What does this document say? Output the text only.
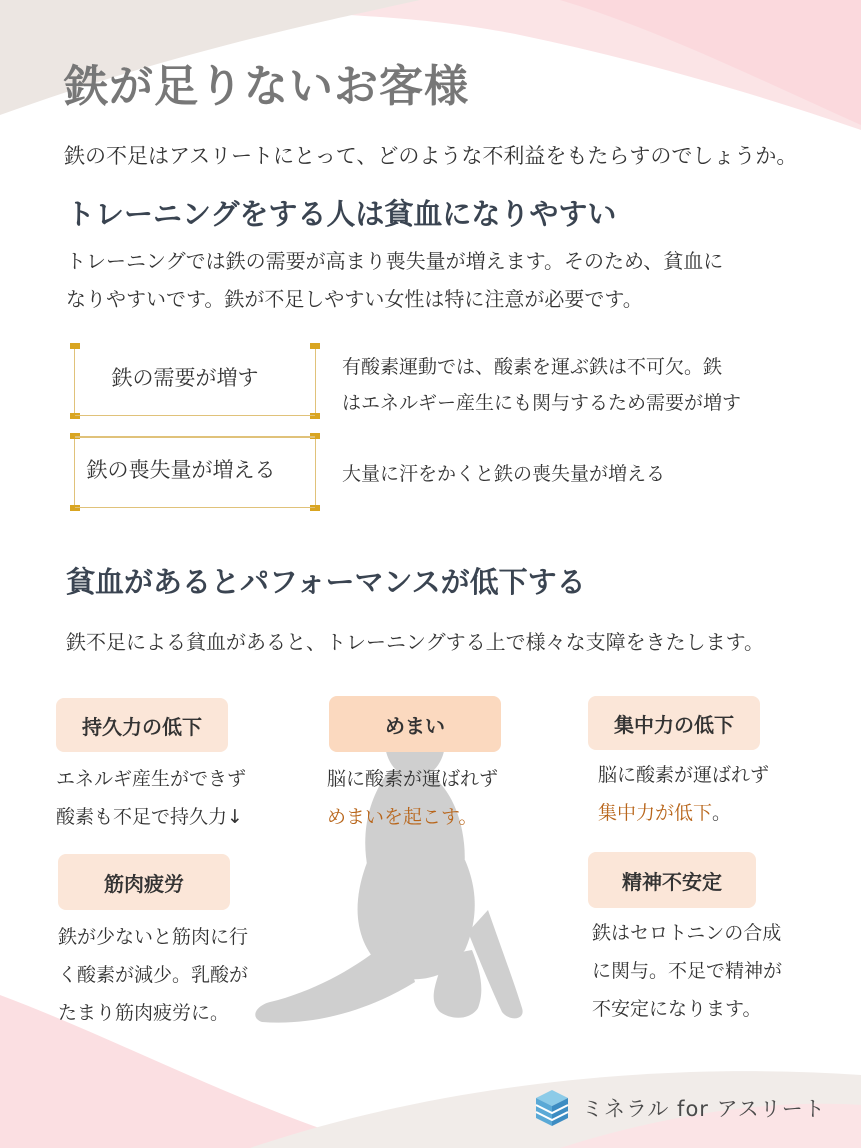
鉄が足りないお客様

鉄の不足はアスリートにとって、どのような不利益をもたらすのでしょうか。

トレーニングをする人は貧血になりやすい
トレーニングでは鉄の需要が高まり喪失量が増えます。そのため、貧血に
なりやすいです。鉄が不足しやすい女性は特に注意が必要です。
鉄の需要が増す	有酸素運動では、酸素を運ぶ鉄は不可欠。鉄
はエネルギー産生にも関与するため需要が増す
鉄の喪失量が増える	大量に汗をかくと鉄の喪失量が増える
貧血があるとパフォーマンスが低下する

鉄不足による貧血があると、トレーニングする上で様々な支障をきたします。

持久力の低下
エネルギ産生ができず
酸素も不足で持久力↓
めまい
脳に酸素が運ばれず
めまいを起こす。
集中力の低下
脳に酸素が運ばれず
集中力が低下。
筋肉疲労
鉄が少ないと筋肉に行
く酸素が減少。乳酸が
たまり筋肉疲労に。
精神不安定
鉄はセロトニンの合成
に関与。不足で精神が
不安定になります。
ミネラル for アスリート
